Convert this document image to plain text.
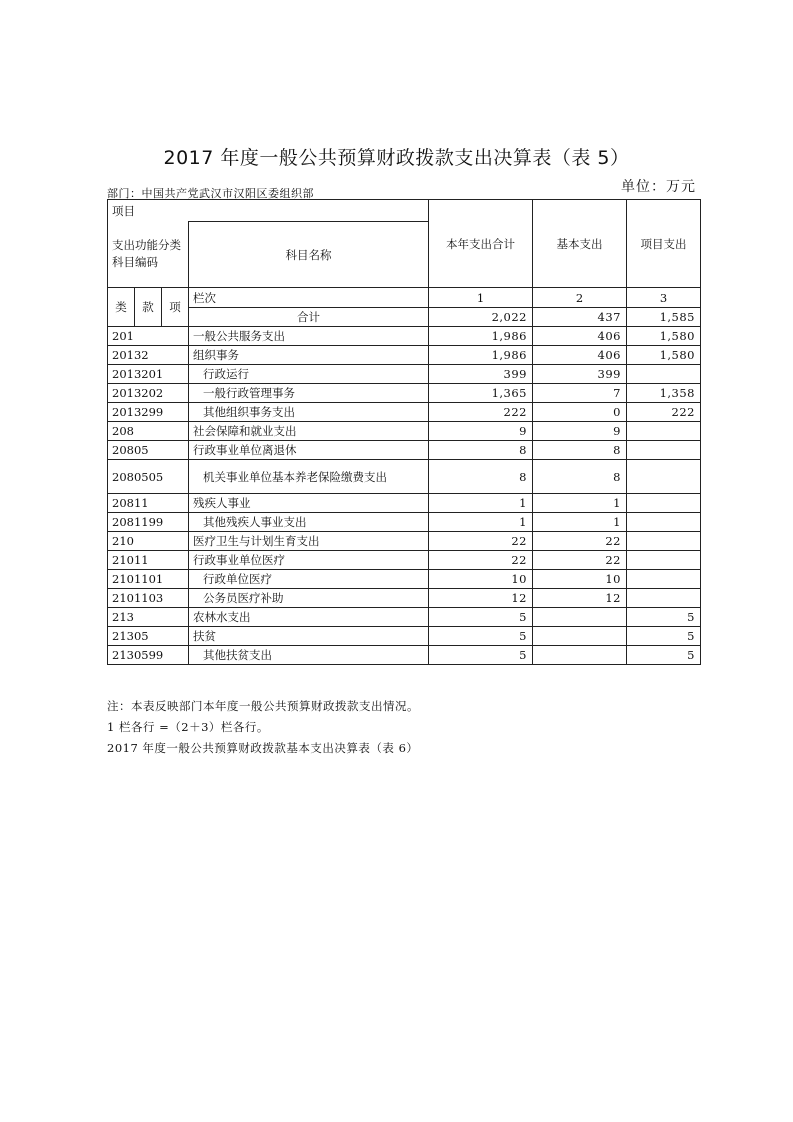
2017 年度一般公共预算财政拨款支出决算表（表 5）
单位：万元
部门：中国共产党武汉市汉阳区委组织部
项目				本年支出合计	基本支出	项目支出
支出功能分类科目编码			科目名称			
类	款	项	栏次	1	2	3
			合计	2,022	437	1,585
201			一般公共服务支出	1,986	406	1,580
20132			组织事务	1,986	406	1,580
2013201			行政运行	399	399	
2013202			一般行政管理事务	1,365	7	1,358
2013299			其他组织事务支出	222	0	222
208			社会保障和就业支出	9	9	
20805			行政事业单位离退休	8	8	
2080505			机关事业单位基本养老保险缴费支出	8	8	
20811			残疾人事业	1	1	
2081199			其他残疾人事业支出	1	1	
210			医疗卫生与计划生育支出	22	22	
21011			行政事业单位医疗	22	22	
2101101			行政单位医疗	10	10	
2101103			公务员医疗补助	12	12	
213			农林水支出	5		5
21305			扶贫	5		5
2130599			其他扶贫支出	5		5
注：本表反映部门本年度一般公共预算财政拨款支出情况。
1 栏各行 =（2＋3）栏各行。
2017 年度一般公共预算财政拨款基本支出决算表（表 6）
